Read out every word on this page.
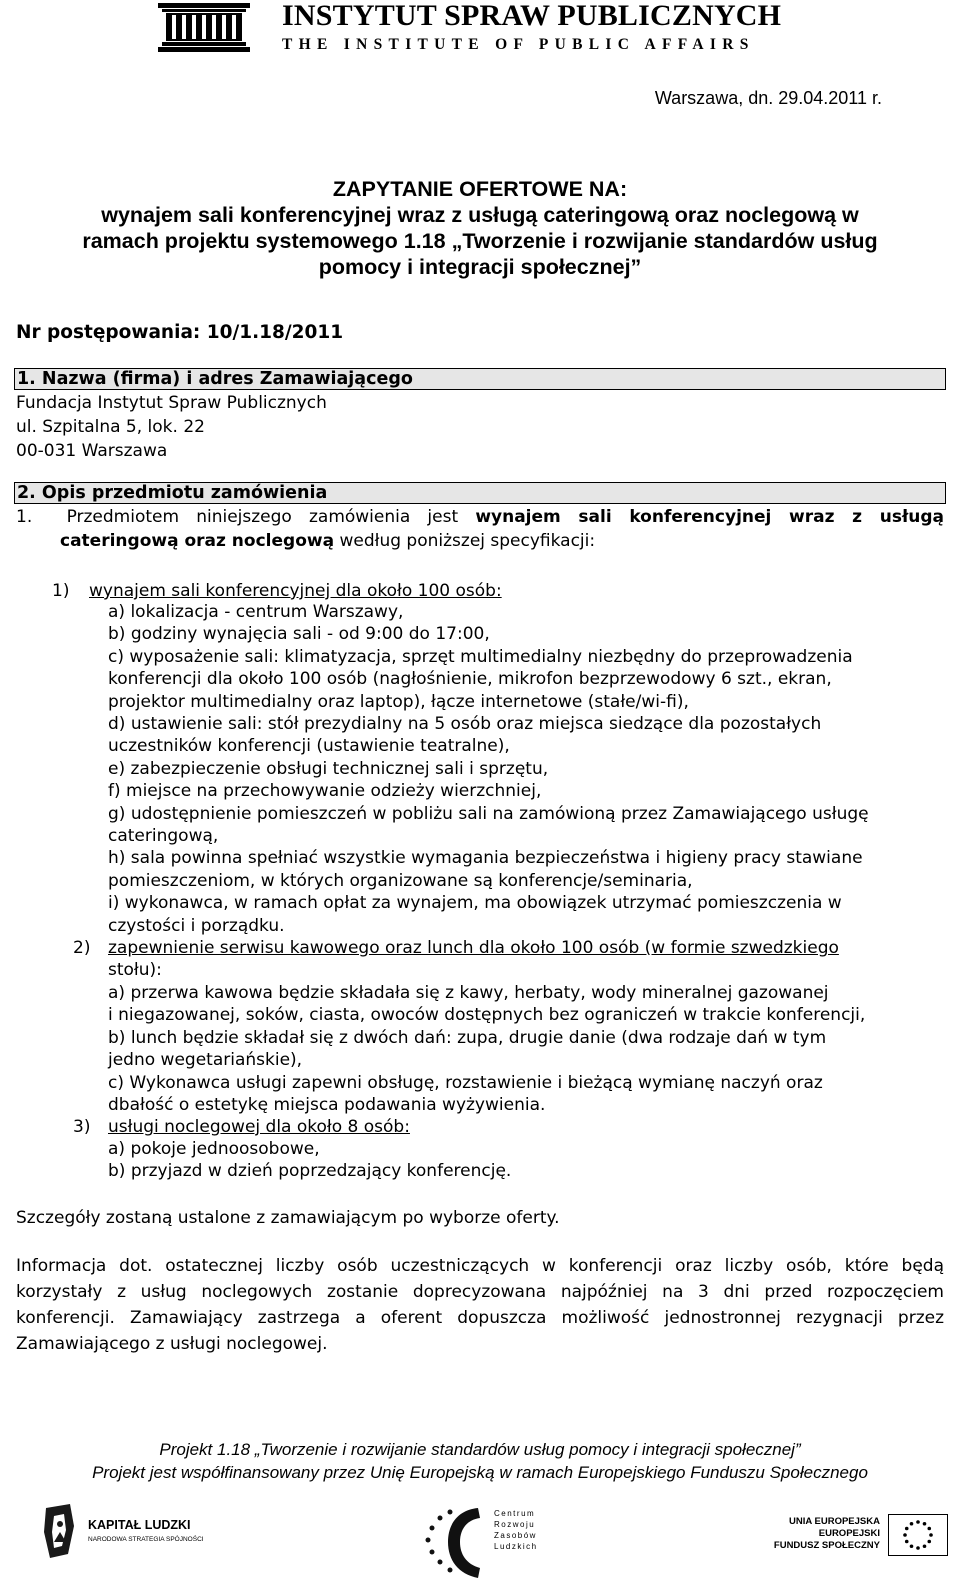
INSTYTUT SPRAW PUBLICZNYCH
THE INSTITUTE OF PUBLIC AFFAIRS
Warszawa, dn. 29.04.2011 r.
ZAPYTANIE OFERTOWE NA:
wynajem sali konferencyjnej wraz z usługą cateringową oraz noclegową w
ramach projektu systemowego 1.18 „Tworzenie i rozwijanie standardów usług
pomocy i integracji społecznej”
Nr postępowania: 10/1.18/2011
1. Nazwa (firma) i adres Zamawiającego
Fundacja Instytut Spraw Publicznych
ul. Szpitalna 5, lok. 22
00-031 Warszawa
2. Opis przedmiotu zamówienia
1. Przedmiotem niniejszego zamówienia jest wynajem sali konferencyjnej wraz z usługą
cateringową oraz noclegową według poniższej specyfikacji:
1) wynajem sali konferencyjnej dla około 100 osób:
a) lokalizacja - centrum Warszawy,
b) godziny wynajęcia sali - od 9:00 do 17:00,
c) wyposażenie sali: klimatyzacja, sprzęt multimedialny niezbędny do przeprowadzenia
konferencji dla około 100 osób (nagłośnienie, mikrofon bezprzewodowy 6 szt., ekran,
projektor multimedialny oraz laptop), łącze internetowe (stałe/wi-fi),
d) ustawienie sali: stół prezydialny na 5 osób oraz miejsca siedzące dla pozostałych
uczestników konferencji (ustawienie teatralne),
e) zabezpieczenie obsługi technicznej sali i sprzętu,
f) miejsce na przechowywanie odzieży wierzchniej,
g) udostępnienie pomieszczeń w pobliżu sali na zamówioną przez Zamawiającego usługę
cateringową,
h) sala powinna spełniać wszystkie wymagania bezpieczeństwa i higieny pracy stawiane
pomieszczeniom, w których organizowane są konferencje/seminaria,
i) wykonawca, w ramach opłat za wynajem, ma obowiązek utrzymać pomieszczenia w
czystości i porządku.
2) zapewnienie serwisu kawowego oraz lunch dla około 100 osób (w formie szwedzkiego
stołu):
a) przerwa kawowa będzie składała się z kawy, herbaty, wody mineralnej gazowanej
i niegazowanej, soków, ciasta, owoców dostępnych bez ograniczeń w trakcie konferencji,
b) lunch będzie składał się z dwóch dań: zupa, drugie danie (dwa rodzaje dań w tym
jedno wegetariańskie),
c) Wykonawca usługi zapewni obsługę, rozstawienie i bieżącą wymianę naczyń oraz
dbałość o estetykę miejsca podawania wyżywienia.
3) usługi noclegowej dla około 8 osób:
a) pokoje jednoosobowe,
b) przyjazd w dzień poprzedzający konferencję.
Szczegóły zostaną ustalone z zamawiającym po wyborze oferty.
Informacja dot. ostatecznej liczby osób uczestniczących w konferencji oraz liczby osób, które będą korzystały z usług noclegowych zostanie doprecyzowana najpóźniej na 3 dni przed rozpoczęciem konferencji. Zamawiający zastrzega a oferent dopuszcza możliwość jednostronnej rezygnacji przez Zamawiającego z usługi noclegowej.
Projekt 1.18 „Tworzenie i rozwijanie standardów usług pomocy i integracji społecznej”
Projekt jest współfinansowany przez Unię Europejską w ramach Europejskiego Funduszu Społecznego
KAPITAŁ LUDZKI
NARODOWA STRATEGIA SPÓJNOŚCI
Centrum
Rozwoju
Zasobów
Ludzkich
UNIA EUROPEJSKA
EUROPEJSKI
FUNDUSZ SPOŁECZNY
